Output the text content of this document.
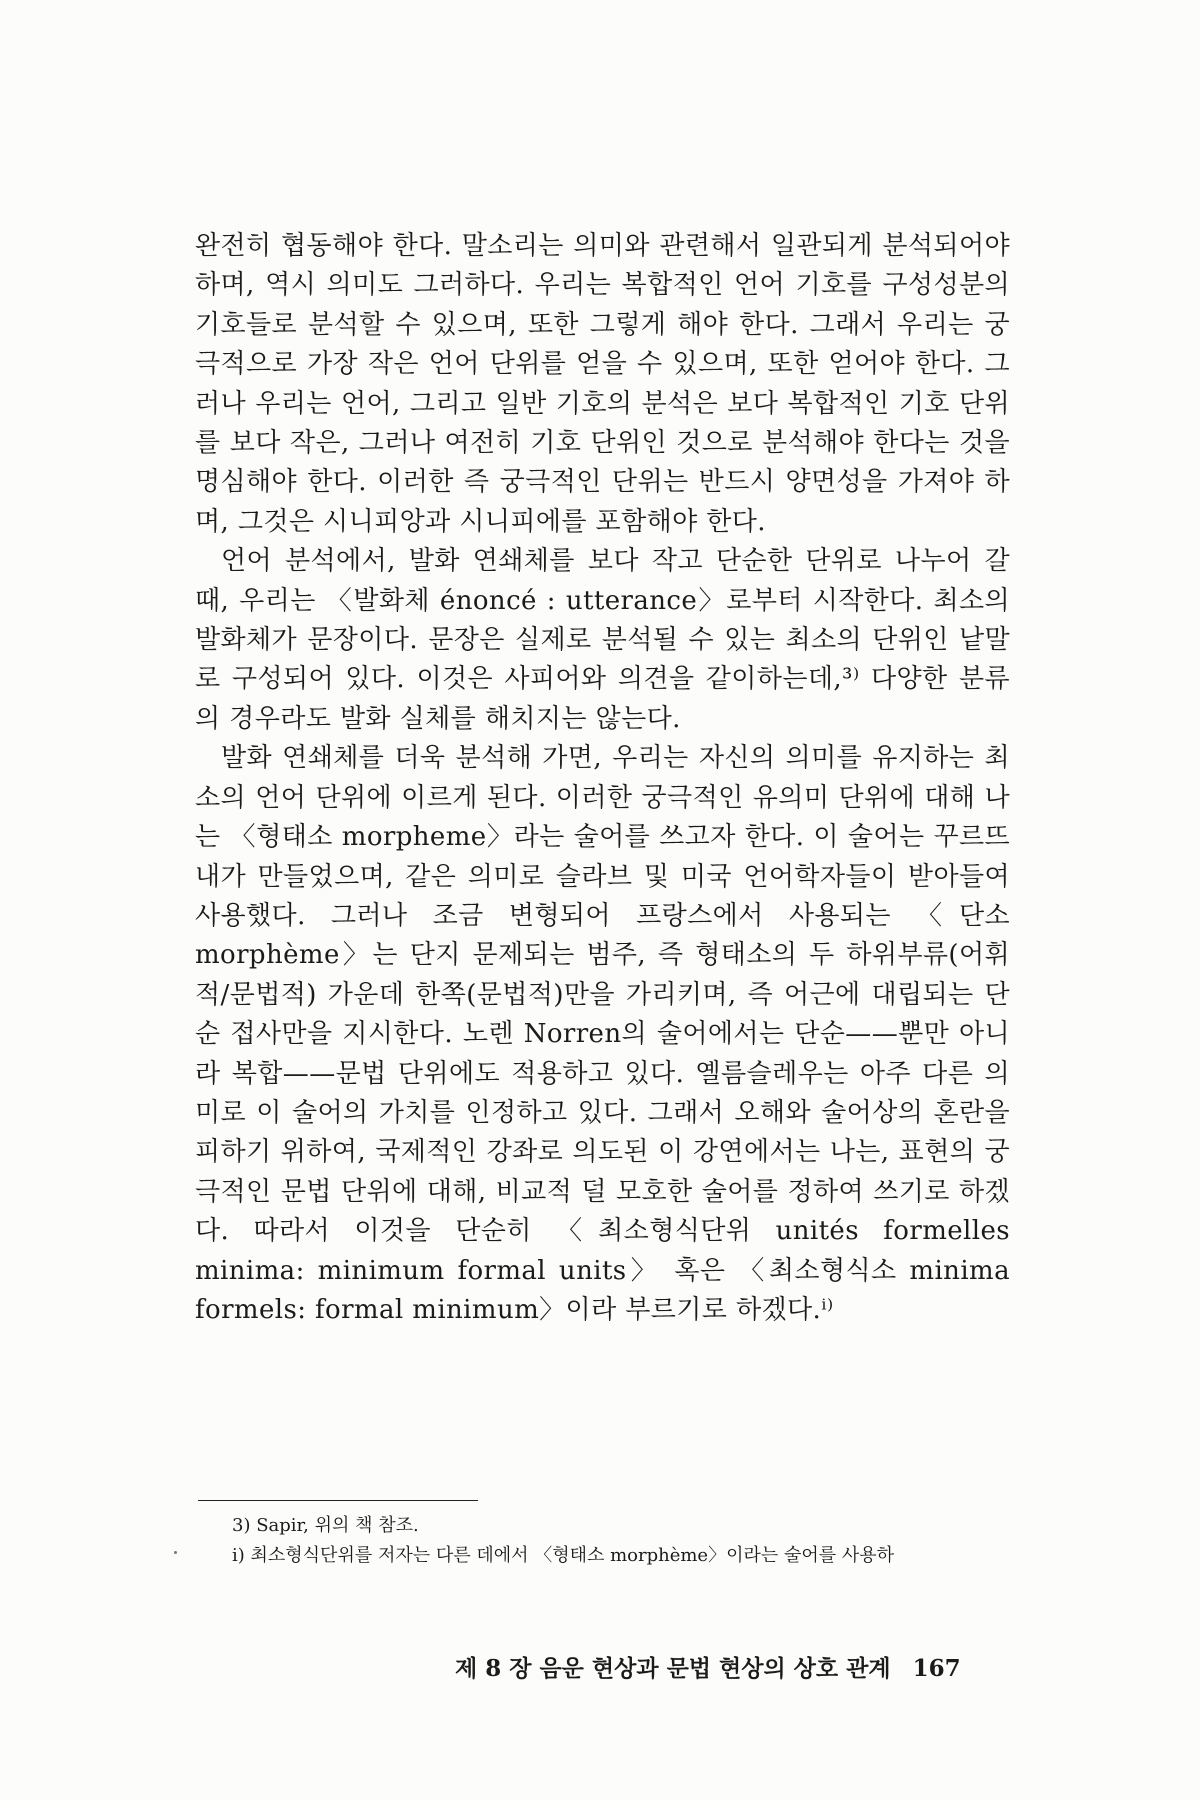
완전히 협동해야 한다. 말소리는 의미와 관련해서 일관되게 분석되어야 하며, 역시 의미도 그러하다. 우리는 복합적인 언어 기호를 구성성분의 기호들로 분석할 수 있으며, 또한 그렇게 해야 한다. 그래서 우리는 궁극적으로 가장 작은 언어 단위를 얻을 수 있으며, 또한 얻어야 한다. 그러나 우리는 언어, 그리고 일반 기호의 분석은 보다 복합적인 기호 단위를 보다 작은, 그러나 여전히 기호 단위인 것으로 분석해야 한다는 것을 명심해야 한다. 이러한 즉 궁극적인 단위는 반드시 양면성을 가져야 하며, 그것은 시니피앙과 시니피에를 포함해야 한다.

언어 분석에서, 발화 연쇄체를 보다 작고 단순한 단위로 나누어 갈 때, 우리는 〈발화체 énoncé : utterance〉로부터 시작한다. 최소의 발화체가 문장이다. 문장은 실제로 분석될 수 있는 최소의 단위인 낱말로 구성되어 있다. 이것은 사피어와 의견을 같이하는데,³⁾ 다양한 분류의 경우라도 발화 실체를 해치지는 않는다.

발화 연쇄체를 더욱 분석해 가면, 우리는 자신의 의미를 유지하는 최소의 언어 단위에 이르게 된다. 이러한 궁극적인 유의미 단위에 대해 나는 〈형태소 morpheme〉라는 술어를 쓰고자 한다. 이 술어는 꾸르뜨내가 만들었으며, 같은 의미로 슬라브 및 미국 언어학자들이 받아들여 사용했다. 그러나 조금 변형되어 프랑스에서 사용되는 〈단소 morphème〉는 단지 문제되는 범주, 즉 형태소의 두 하위부류(어휘적/문법적) 가운데 한쪽(문법적)만을 가리키며, 즉 어근에 대립되는 단순 접사만을 지시한다. 노렌 Norren의 술어에서는 단순——뿐만 아니라 복합——문법 단위에도 적용하고 있다. 옐름슬레우는 아주 다른 의미로 이 술어의 가치를 인정하고 있다. 그래서 오해와 술어상의 혼란을 피하기 위하여, 국제적인 강좌로 의도된 이 강연에서는 나는, 표현의 궁극적인 문법 단위에 대해, 비교적 덜 모호한 술어를 정하여 쓰기로 하겠다. 따라서 이것을 단순히 〈최소형식단위 unités formelles minima: minimum formal units〉 혹은 〈최소형식소 minima formels: formal minimum〉이라 부르기로 하겠다.ⁱ⁾

3) Sapir, 위의 책 참조.

i) 최소형식단위를 저자는 다른 데에서 〈형태소 morphème〉이라는 술어를 사용하

제 8 장 음운 현상과 문법 현상의 상호 관계 167
